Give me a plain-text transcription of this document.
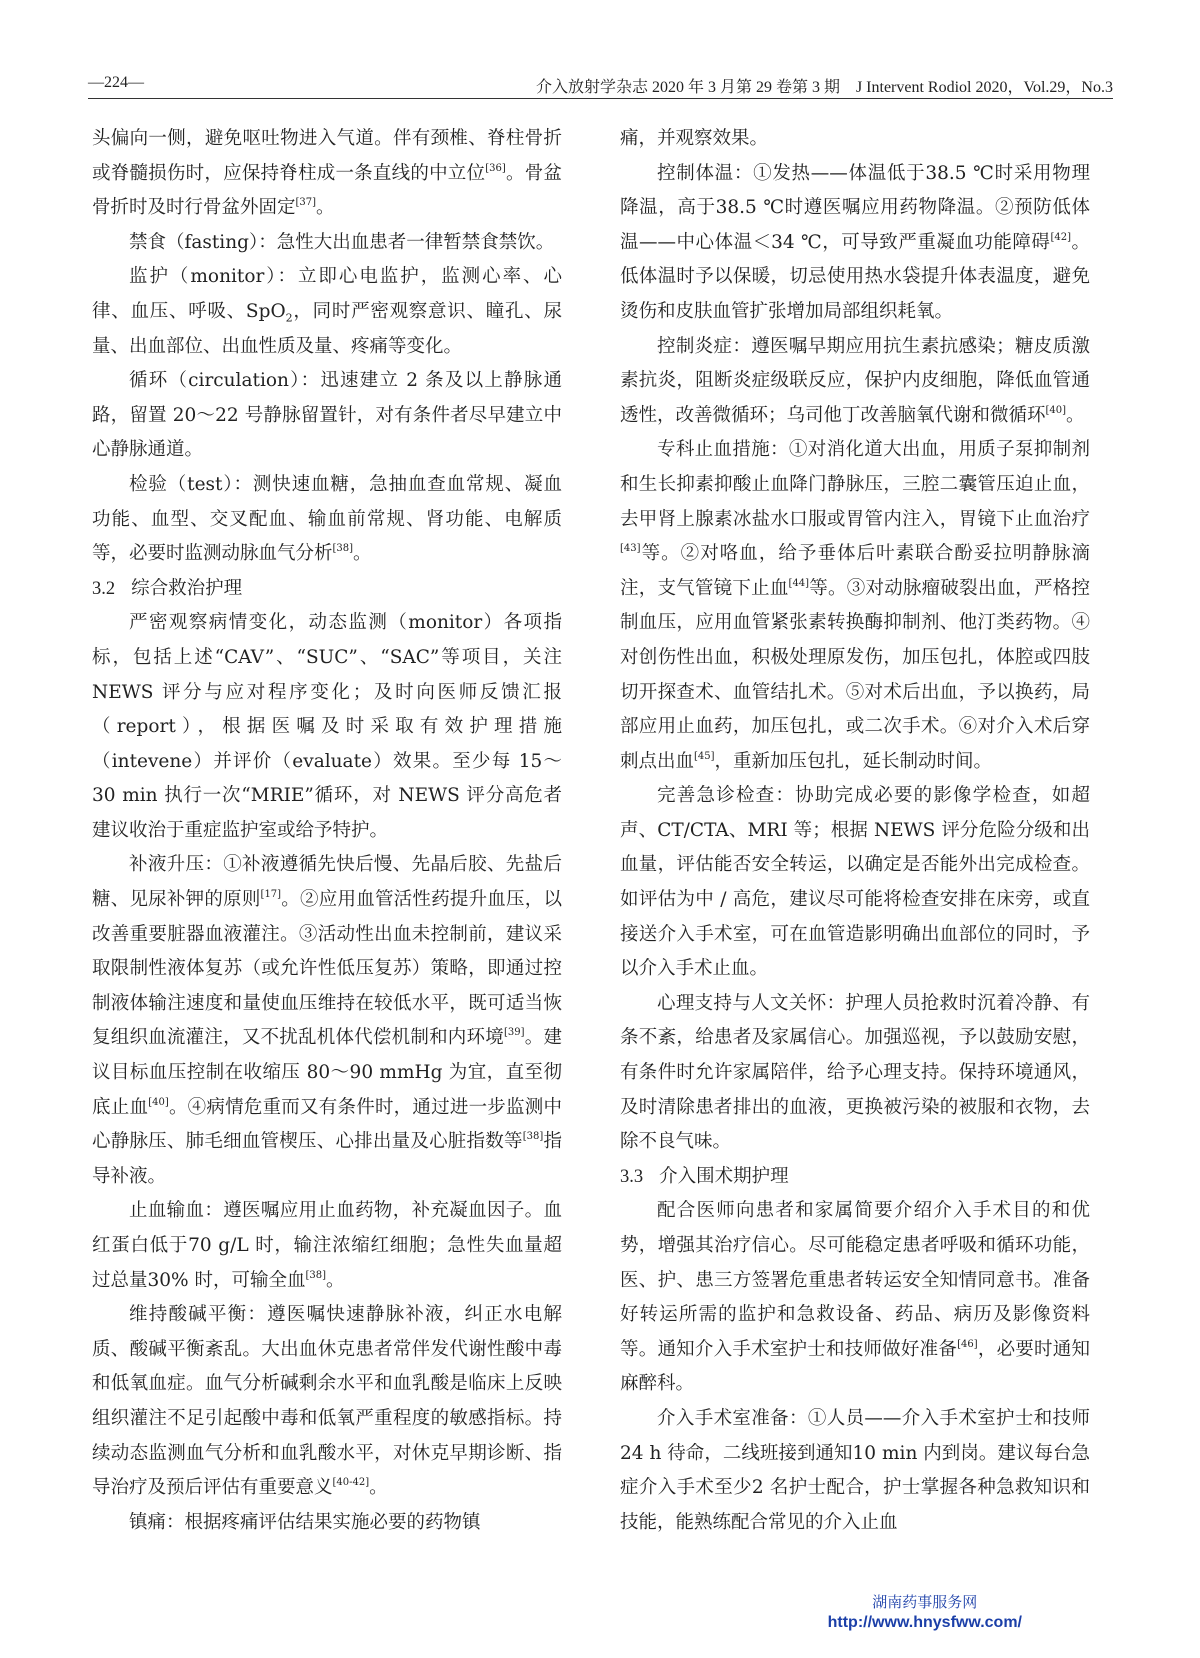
—224—	介入放射学杂志 2020 年 3 月第 29 卷第 3 期　J Intervent Rodiol 2020，Vol.29，No.3

头偏向一侧，避免呕吐物进入气道。伴有颈椎、脊柱骨折或脊髓损伤时，应保持脊柱成一条直线的中立位[36]。骨盆骨折时及时行骨盆外固定[37]。

禁食（fasting）：急性大出血患者一律暂禁食禁饮。

监护（monitor）：立即心电监护，监测心率、心律、血压、呼吸、SpO$_2$，同时严密观察意识、瞳孔、尿量、出血部位、出血性质及量、疼痛等变化。

循环（circulation）：迅速建立 2 条及以上静脉通路，留置 20～22 号静脉留置针，对有条件者尽早建立中心静脉通道。

检验（test）：测快速血糖，急抽血查血常规、凝血功能、血型、交叉配血、输血前常规、肾功能、电解质等，必要时监测动脉血气分析[38]。

3.2 综合救治护理

严密观察病情变化，动态监测（monitor）各项指标，包括上述“CAV”、“SUC”、“SAC”等项目，关注 NEWS 评分与应对程序变化；及时向医师反馈汇报（report），根据医嘱及时采取有效护理措施（intevene）并评价（evaluate）效果。至少每 15～30 min 执行一次“MRIE”循环，对 NEWS 评分高危者建议收治于重症监护室或给予特护。

补液升压：①补液遵循先快后慢、先晶后胶、先盐后糖、见尿补钾的原则[17]。②应用血管活性药提升血压，以改善重要脏器血液灌注。③活动性出血未控制前，建议采取限制性液体复苏（或允许性低压复苏）策略，即通过控制液体输注速度和量使血压维持在较低水平，既可适当恢复组织血流灌注，又不扰乱机体代偿机制和内环境[39]。建议目标血压控制在收缩压 80～90 mmHg 为宜，直至彻底止血[40]。④病情危重而又有条件时，通过进一步监测中心静脉压、肺毛细血管楔压、心排出量及心脏指数等[38]指导补液。

止血输血：遵医嘱应用止血药物，补充凝血因子。血红蛋白低于70 g/L 时，输注浓缩红细胞；急性失血量超过总量30% 时，可输全血[38]。

维持酸碱平衡：遵医嘱快速静脉补液，纠正水电解质、酸碱平衡紊乱。大出血休克患者常伴发代谢性酸中毒和低氧血症。血气分析碱剩余水平和血乳酸是临床上反映组织灌注不足引起酸中毒和低氧严重程度的敏感指标。持续动态监测血气分析和血乳酸水平，对休克早期诊断、指导治疗及预后评估有重要意义[40-42]。

镇痛：根据疼痛评估结果实施必要的药物镇

痛，并观察效果。

控制体温：①发热——体温低于38.5 ℃时采用物理降温，高于38.5 ℃时遵医嘱应用药物降温。②预防低体温——中心体温＜34 ℃，可导致严重凝血功能障碍[42]。低体温时予以保暖，切忌使用热水袋提升体表温度，避免烫伤和皮肤血管扩张增加局部组织耗氧。

控制炎症：遵医嘱早期应用抗生素抗感染；糖皮质激素抗炎，阻断炎症级联反应，保护内皮细胞，降低血管通透性，改善微循环；乌司他丁改善脑氧代谢和微循环[40]。

专科止血措施：①对消化道大出血，用质子泵抑制剂和生长抑素抑酸止血降门静脉压，三腔二囊管压迫止血，去甲肾上腺素冰盐水口服或胃管内注入，胃镜下止血治疗[43]等。②对咯血，给予垂体后叶素联合酚妥拉明静脉滴注，支气管镜下止血[44]等。③对动脉瘤破裂出血，严格控制血压，应用血管紧张素转换酶抑制剂、他汀类药物。④对创伤性出血，积极处理原发伤，加压包扎，体腔或四肢切开探查术、血管结扎术。⑤对术后出血，予以换药，局部应用止血药，加压包扎，或二次手术。⑥对介入术后穿刺点出血[45]，重新加压包扎，延长制动时间。

完善急诊检查：协助完成必要的影像学检查，如超声、CT/CTA、MRI 等；根据 NEWS 评分危险分级和出血量，评估能否安全转运，以确定是否能外出完成检查。如评估为中 / 高危，建议尽可能将检查安排在床旁，或直接送介入手术室，可在血管造影明确出血部位的同时，予以介入手术止血。

心理支持与人文关怀：护理人员抢救时沉着冷静、有条不紊，给患者及家属信心。加强巡视，予以鼓励安慰，有条件时允许家属陪伴，给予心理支持。保持环境通风，及时清除患者排出的血液，更换被污染的被服和衣物，去除不良气味。

3.3 介入围术期护理

配合医师向患者和家属简要介绍介入手术目的和优势，增强其治疗信心。尽可能稳定患者呼吸和循环功能，医、护、患三方签署危重患者转运安全知情同意书。准备好转运所需的监护和急救设备、药品、病历及影像资料等。通知介入手术室护士和技师做好准备[46]，必要时通知麻醉科。

介入手术室准备：①人员——介入手术室护士和技师24 h 待命，二线班接到通知10 min 内到岗。建议每台急症介入手术至少2 名护士配合，护士掌握各种急救知识和技能，能熟练配合常见的介入止血

湖南药事服务网
http://www.hnysfww.com/
